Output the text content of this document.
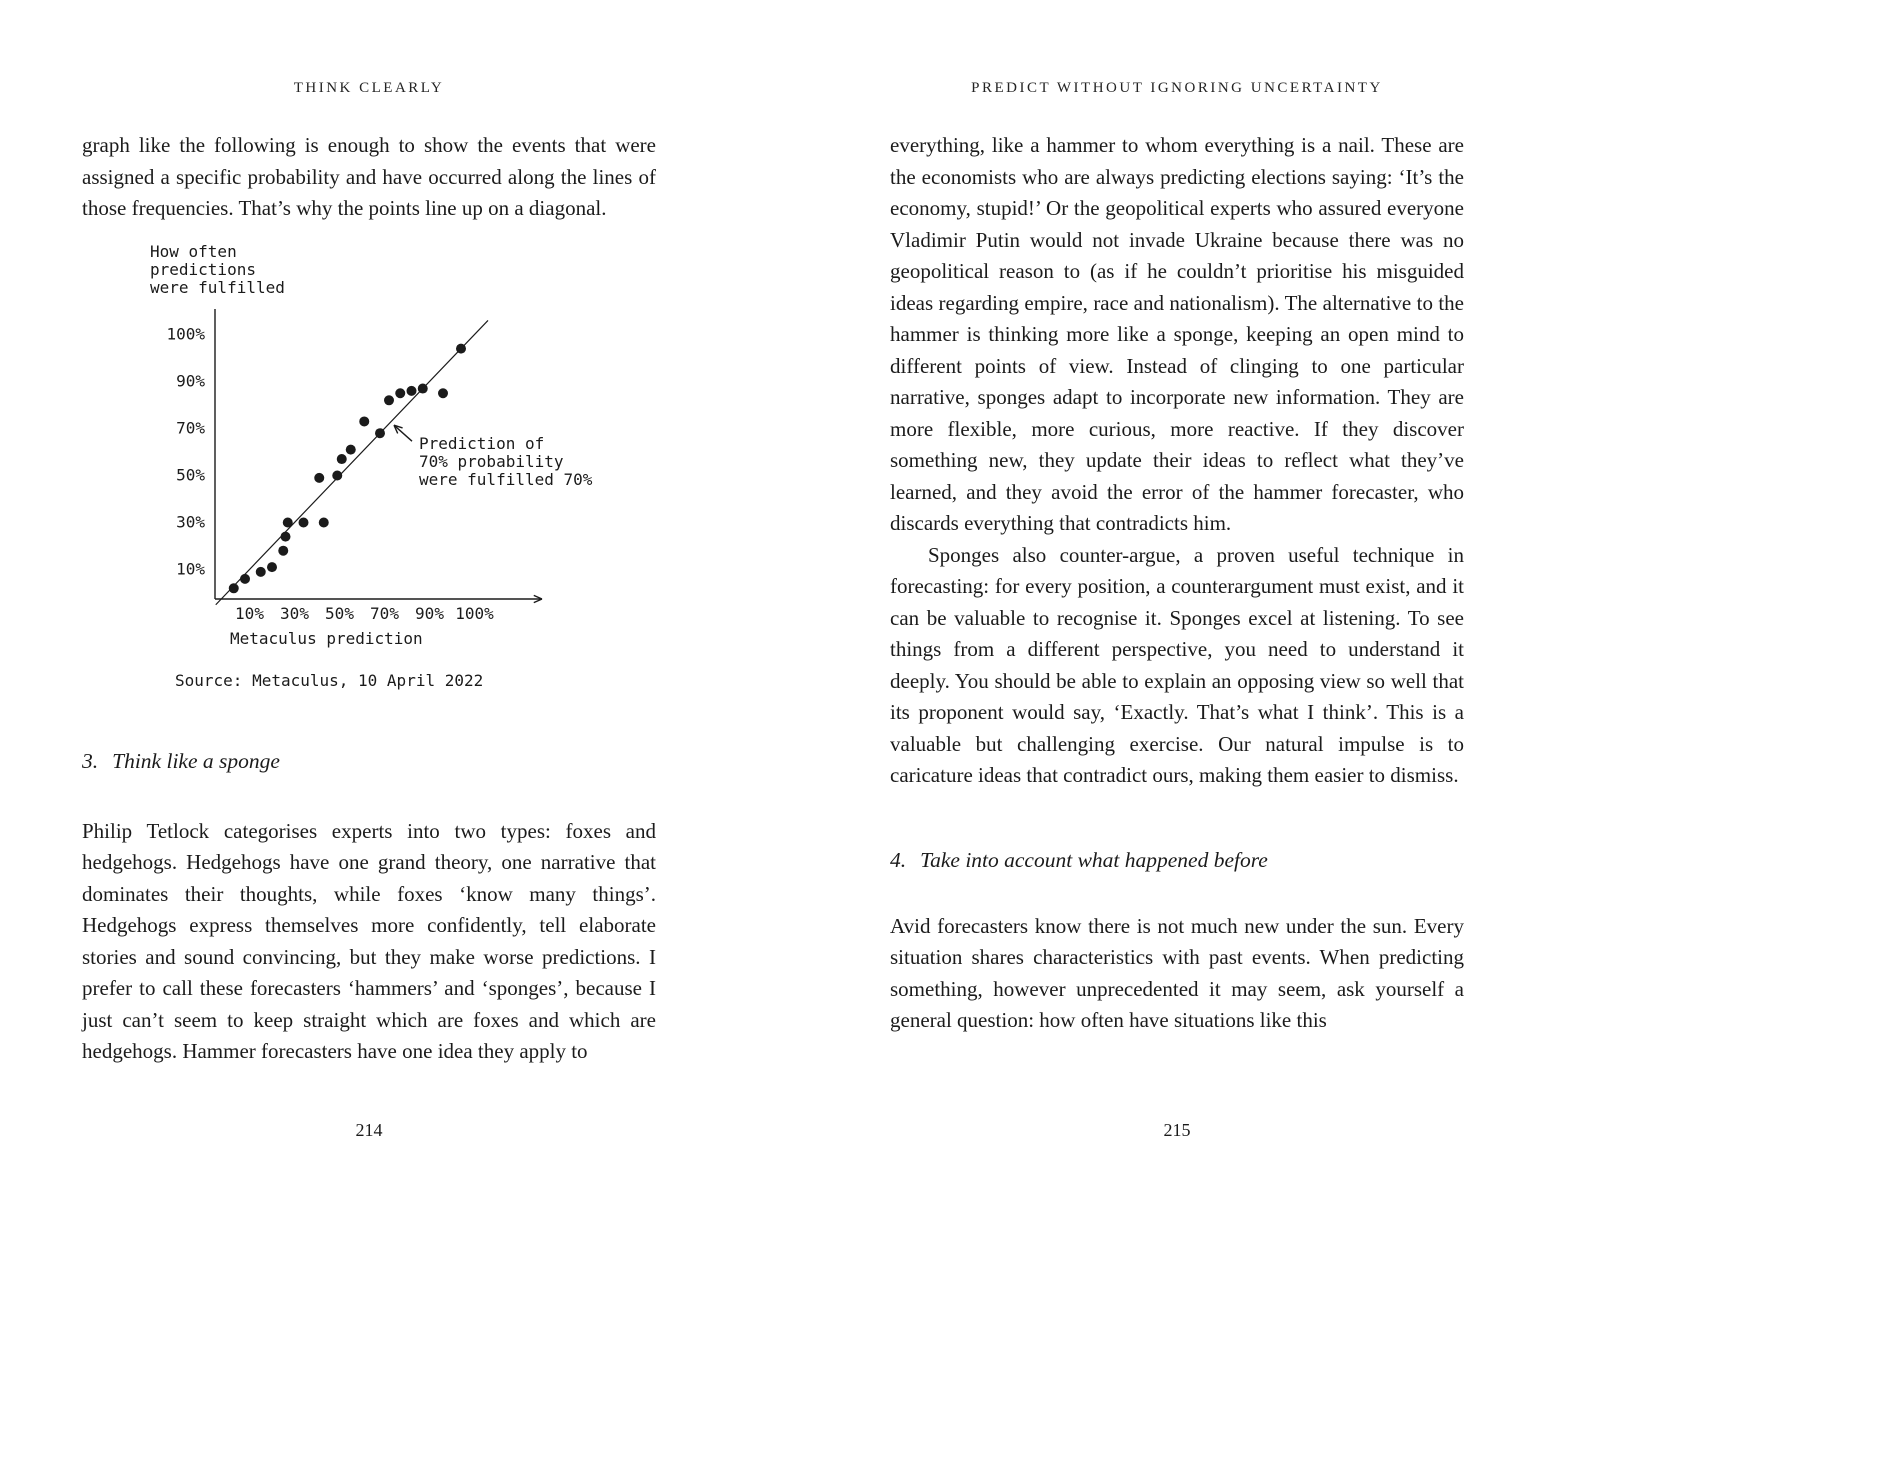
THINK CLEARLY

graph like the following is enough to show the events that were assigned a specific probability and have occurred along the lines of those frequencies. That’s why the points line up on a diagonal.

100%
90%
70%
50%
30%
10%
10% 30% 50% 70% 90% 100%
How often predictions were fulfilled
Metaculus prediction
Prediction of 70% probability were fulfilled 70%
Source: Metaculus, 10 April 2022
3. Think like a sponge

Philip Tetlock categorises experts into two types: foxes and hedgehogs. Hedgehogs have one grand theory, one narrative that dominates their thoughts, while foxes ‘know many things’. Hedgehogs express themselves more confidently, tell elaborate stories and sound convincing, but they make worse predictions. I prefer to call these forecasters ‘hammers’ and ‘sponges’, because I just can’t seem to keep straight which are foxes and which are hedgehogs. Hammer forecasters have one idea they apply to

214
PREDICT WITHOUT IGNORING UNCERTAINTY

everything, like a hammer to whom everything is a nail. These are the economists who are always predicting elections saying: ‘It’s the economy, stupid!’ Or the geopolitical experts who assured everyone Vladimir Putin would not invade Ukraine because there was no geopolitical reason to (as if he couldn’t prioritise his misguided ideas regarding empire, race and nationalism). The alternative to the hammer is thinking more like a sponge, keeping an open mind to different points of view. Instead of clinging to one particular narrative, sponges adapt to incorporate new information. They are more flexible, more curious, more reactive. If they discover something new, they update their ideas to reflect what they’ve learned, and they avoid the error of the hammer forecaster, who discards everything that contradicts him.

Sponges also counter-argue, a proven useful technique in forecasting: for every position, a counterargument must exist, and it can be valuable to recognise it. Sponges excel at listening. To see things from a different perspective, you need to understand it deeply. You should be able to explain an opposing view so well that its proponent would say, ‘Exactly. That’s what I think’. This is a valuable but challenging exercise. Our natural impulse is to caricature ideas that contradict ours, making them easier to dismiss.

4. Take into account what happened before

Avid forecasters know there is not much new under the sun. Every situation shares characteristics with past events. When predicting something, however unprecedented it may seem, ask yourself a general question: how often have situations like this

215
